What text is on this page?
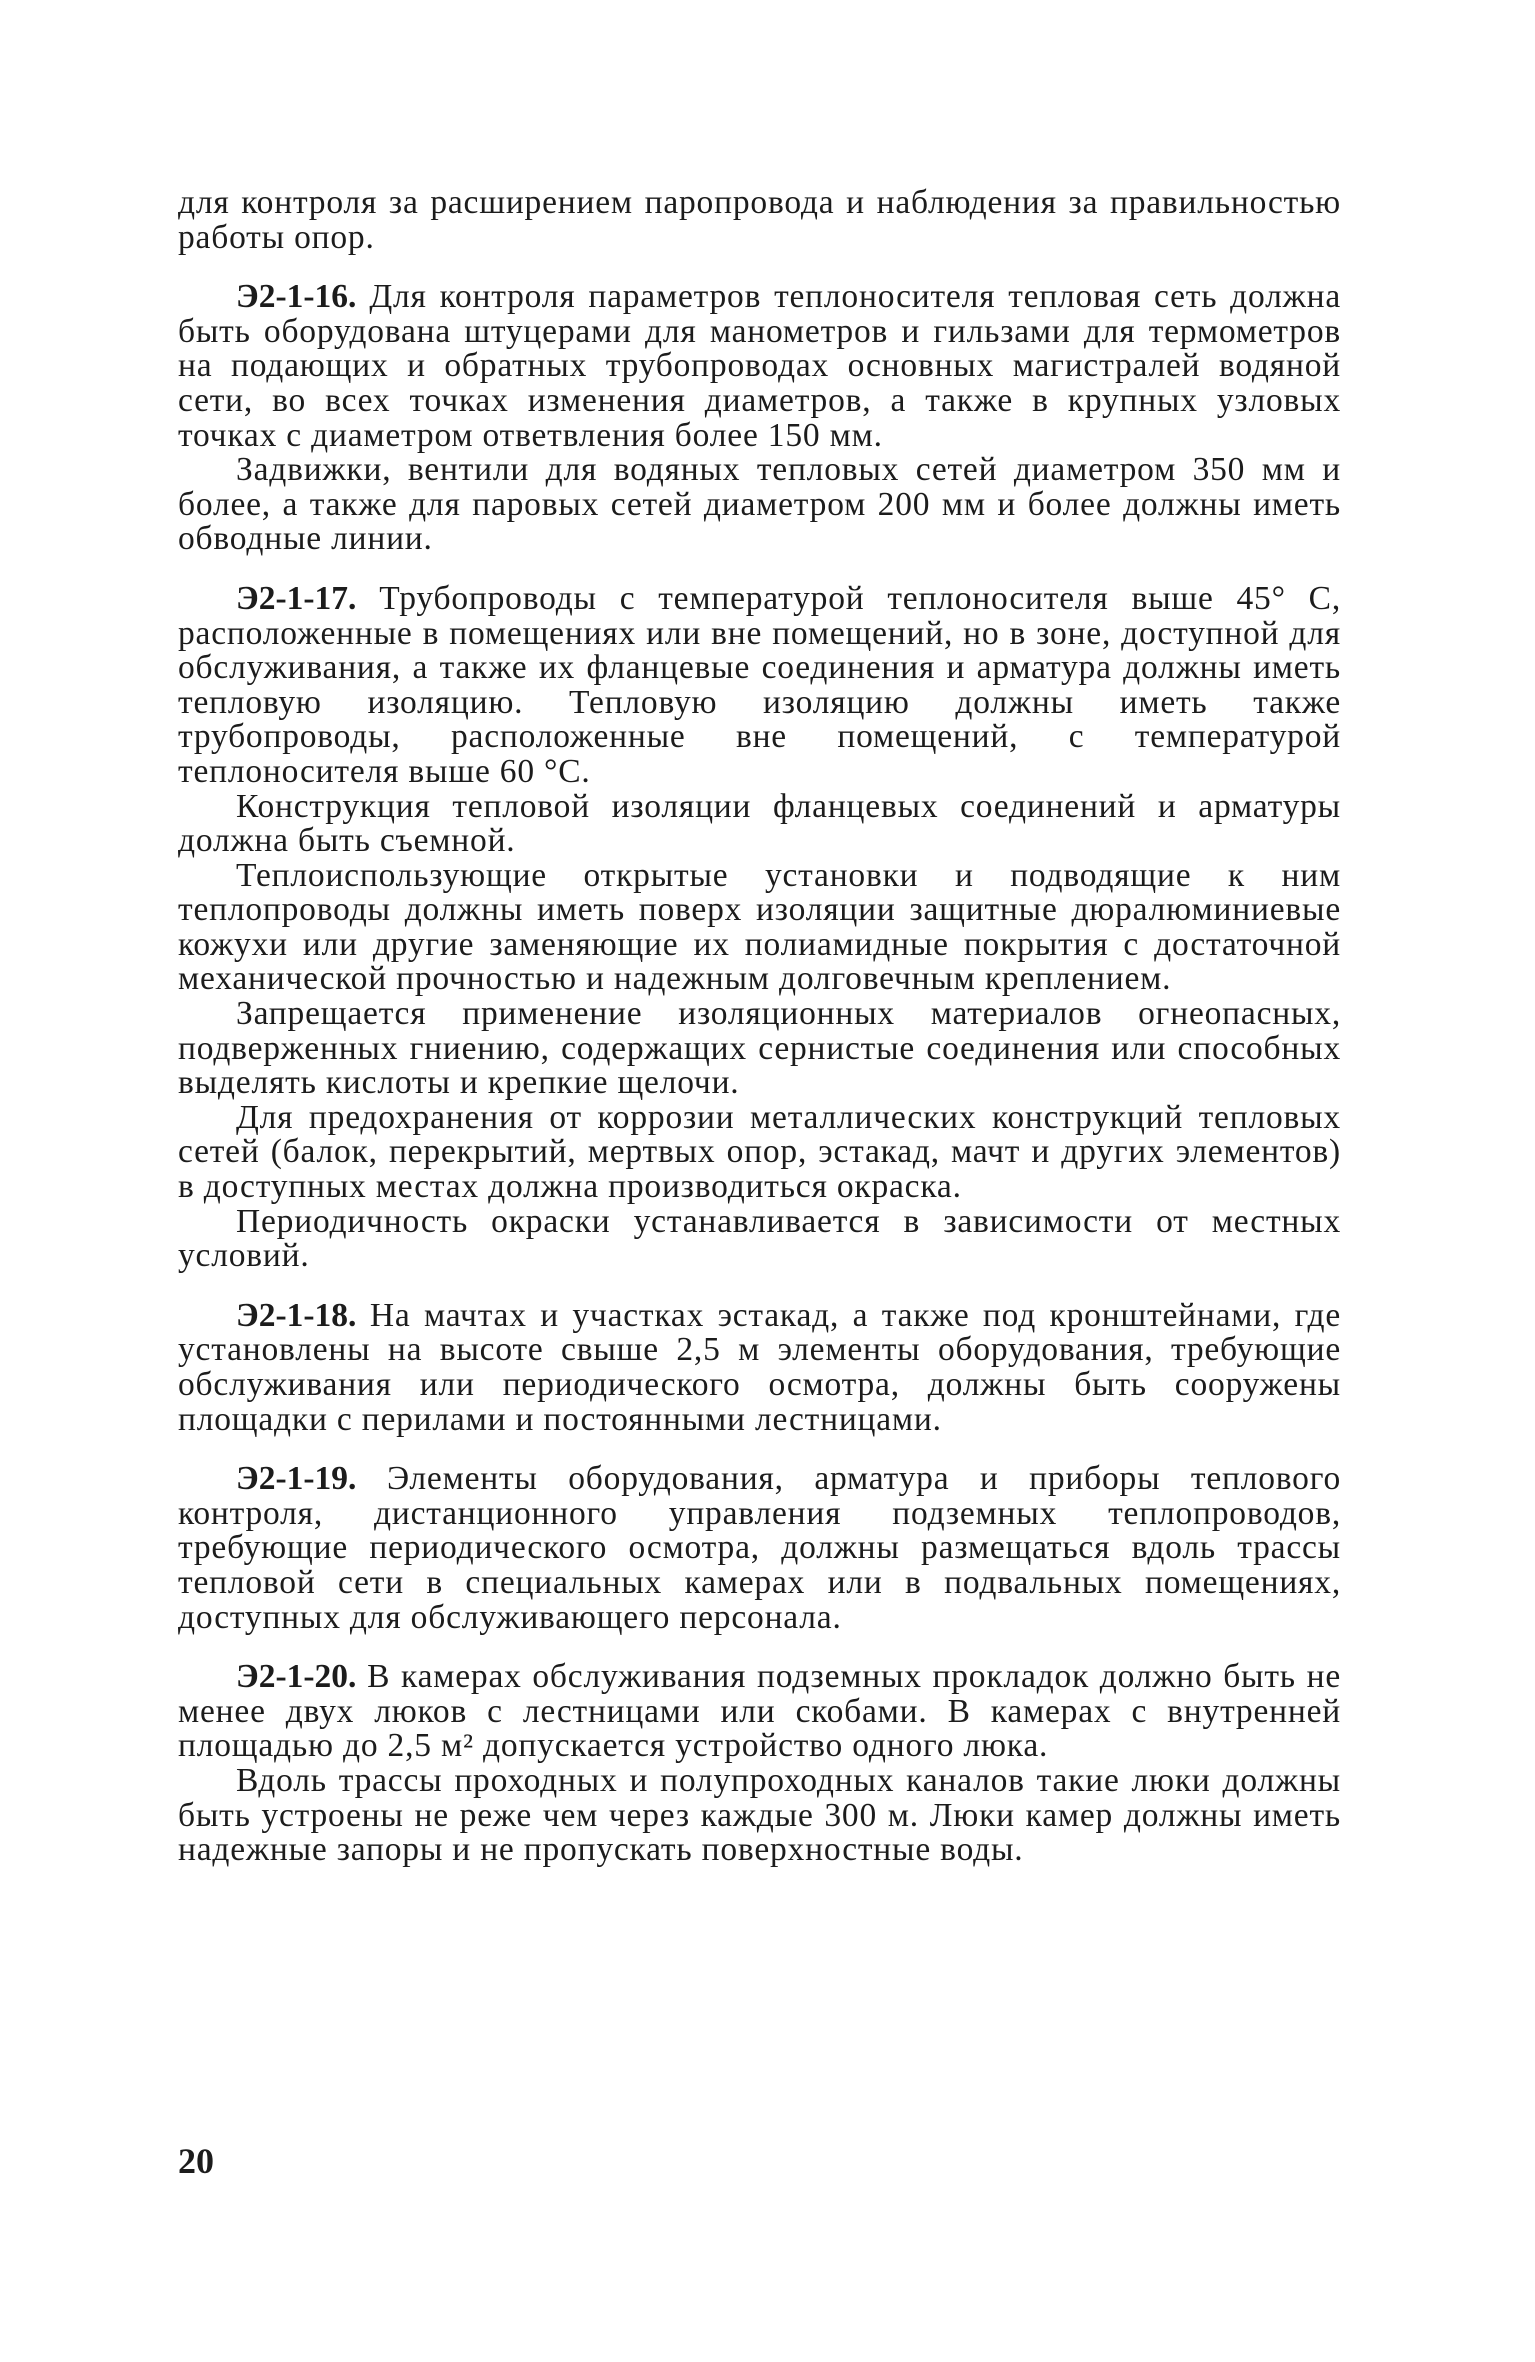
для контроля за расширением паропровода и наблюдения за правильностью работы опор.

Э2-1-16. Для контроля параметров теплоносителя тепловая сеть должна быть оборудована штуцерами для манометров и гильзами для термометров на подающих и обратных трубопроводах основных магистралей водяной сети, во всех точках изменения диаметров, а также в крупных узловых точках с диаметром ответвления более 150 мм.

Задвижки, вентили для водяных тепловых сетей диаметром 350 мм и более, а также для паровых сетей диаметром 200 мм и более должны иметь обводные линии.

Э2-1-17. Трубопроводы с температурой теплоносителя выше 45° С, расположенные в помещениях или вне помещений, но в зоне, доступной для обслуживания, а также их фланцевые соединения и арматура должны иметь тепловую изоляцию. Тепловую изоляцию должны иметь также трубопроводы, расположенные вне помещений, с температурой теплоносителя выше 60 °С.

Конструкция тепловой изоляции фланцевых соединений и арматуры должна быть съемной.

Теплоиспользующие открытые установки и подводящие к ним теплопроводы должны иметь поверх изоляции защитные дюралюминиевые кожухи или другие заменяющие их полиамидные покрытия с достаточной механической прочностью и надежным долговечным креплением.

Запрещается применение изоляционных материалов огнеопасных, подверженных гниению, содержащих сернистые соединения или способных выделять кислоты и крепкие щелочи.

Для предохранения от коррозии металлических конструкций тепловых сетей (балок, перекрытий, мертвых опор, эстакад, мачт и других элементов) в доступных местах должна производиться окраска.

Периодичность окраски устанавливается в зависимости от местных условий.

Э2-1-18. На мачтах и участках эстакад, а также под кронштейнами, где установлены на высоте свыше 2,5 м элементы оборудования, требующие обслуживания или периодического осмотра, должны быть сооружены площадки с перилами и постоянными лестницами.

Э2-1-19. Элементы оборудования, арматура и приборы теплового контроля, дистанционного управления подземных теплопроводов, требующие периодического осмотра, должны размещаться вдоль трассы тепловой сети в специальных камерах или в подвальных помещениях, доступных для обслуживающего персонала.

Э2-1-20. В камерах обслуживания подземных прокладок должно быть не менее двух люков с лестницами или скобами. В камерах с внутренней площадью до 2,5 м² допускается устройство одного люка.

Вдоль трассы проходных и полупроходных каналов такие люки должны быть устроены не реже чем через каждые 300 м. Люки камер должны иметь надежные запоры и не пропускать поверхностные воды.

20
